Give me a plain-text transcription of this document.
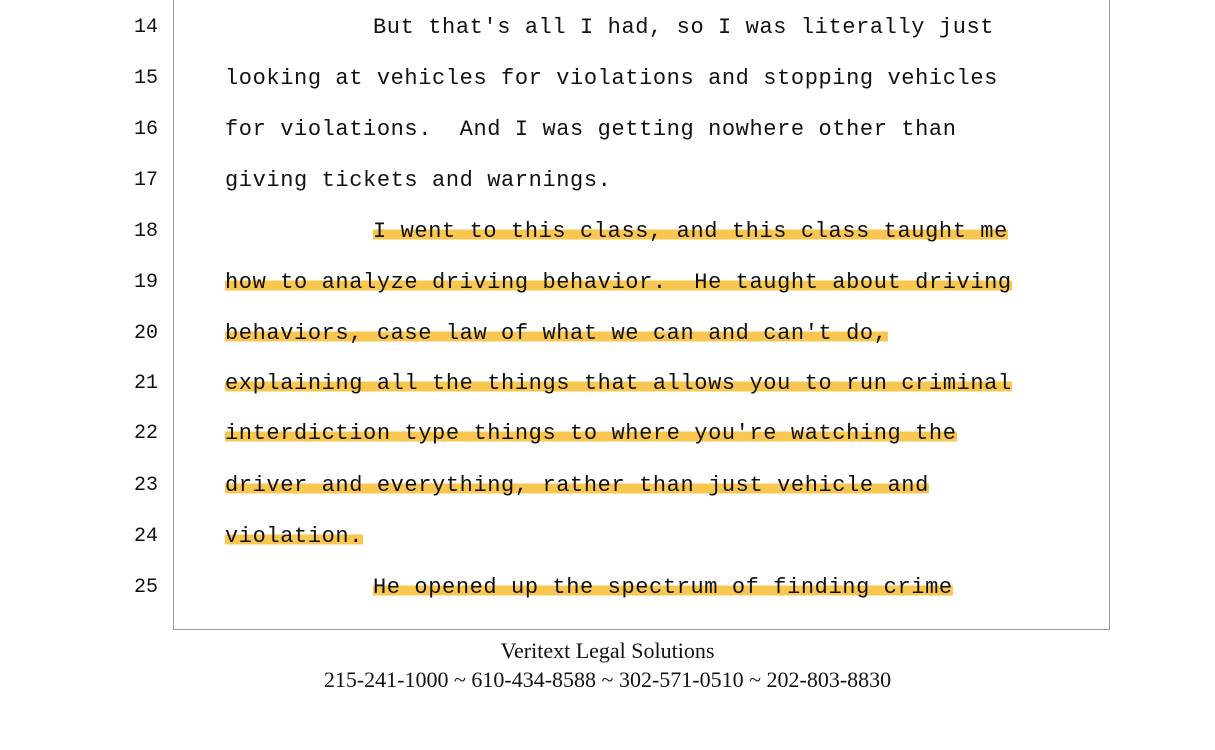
14	But that's all I had, so I was literally just
15	looking at vehicles for violations and stopping vehicles
16	for violations.  And I was getting nowhere other than
17	giving tickets and warnings.
18	I went to this class, and this class taught me
19	how to analyze driving behavior.  He taught about driving
20	behaviors, case law of what we can and can't do,
21	explaining all the things that allows you to run criminal
22	interdiction type things to where you're watching the
23	driver and everything, rather than just vehicle and
24	violation.
25	He opened up the spectrum of finding crime
Veritext Legal Solutions
215-241-1000 ~ 610-434-8588 ~ 302-571-0510 ~ 202-803-8830
